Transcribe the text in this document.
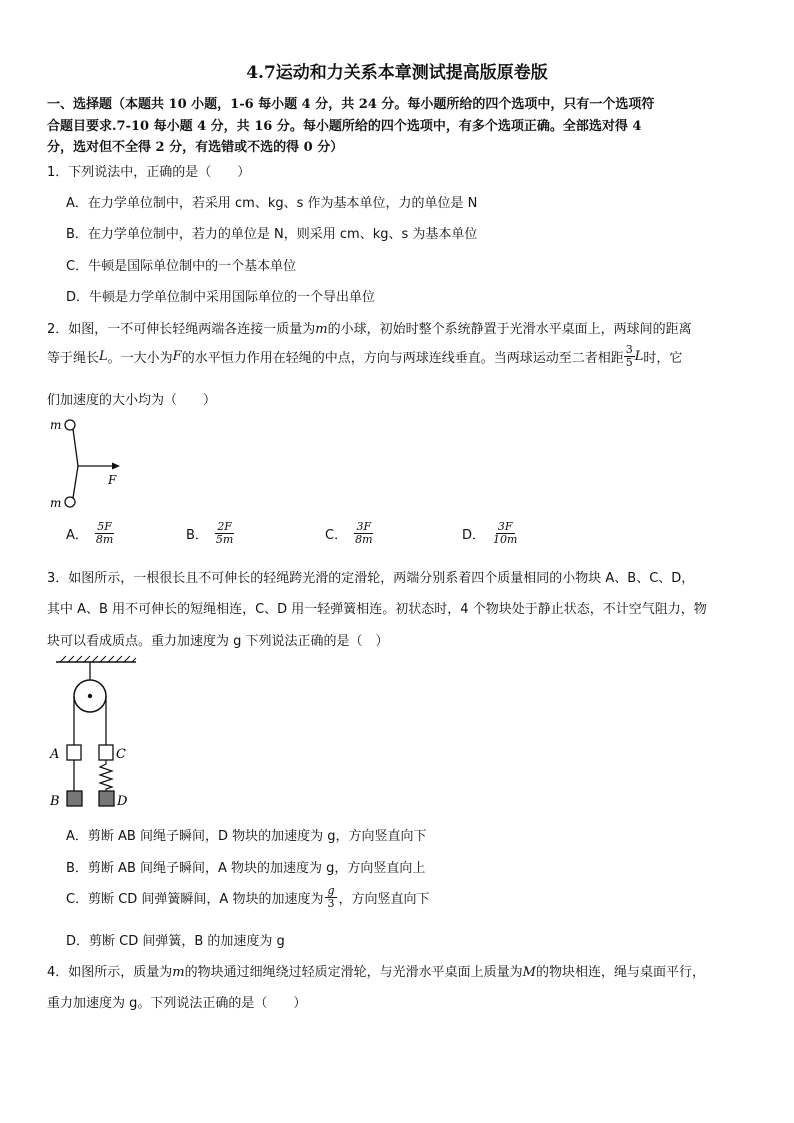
4.7运动和力关系本章测试提高版原卷版
一、选择题（本题共 10 小题，1-6 每小题 4 分，共 24 分。每小题所给的四个选项中，只有一个选项符
合题目要求.7-10 每小题 4 分，共 16 分。每小题所给的四个选项中，有多个选项正确。全部选对得 4
分，选对但不全得 2 分，有选错或不选的得 0 分）
1．下列说法中，正确的是（　　）
A．在力学单位制中，若采用 cm、kg、s 作为基本单位，力的单位是 N
B．在力学单位制中，若力的单位是 N，则采用 cm、kg、s 为基本单位
C．牛顿是国际单位制中的一个基本单位
D．牛顿是力学单位制中采用国际单位的一个导出单位
2．如图，一不可伸长轻绳两端各连接一质量为m的小球，初始时整个系统静置于光滑水平桌面上，两球间的距离
等于绳长 L 。一大小为 F 的水平恒力作用在轻绳的中点，方向与两球连线垂直。当两球运动至二者相距 $\frac{3}{5}$ L 时，它
们加速度的大小均为（　　）
m
m
F
A． $\frac{5F}{8m}$	B． $\frac{2F}{5m}$	C． $\frac{3F}{8m}$	D． $\frac{3F}{10m}$
3．如图所示，一根很长且不可伸长的轻绳跨光滑的定滑轮，两端分别系着四个质量相同的小物块 A、B、C、D，
其中 A、B 用不可伸长的短绳相连，C、D 用一轻弹簧相连。初状态时，4 个物块处于静止状态，不计空气阻力，物
块可以看成质点。重力加速度为 g 下列说法正确的是（　）
A	C
B	D
A．剪断 AB 间绳子瞬间，D 物块的加速度为 g，方向竖直向下
B．剪断 AB 间绳子瞬间，A 物块的加速度为 g，方向竖直向上
C．剪断 CD 间弹簧瞬间，A 物块的加速度为 $\frac{g}{3}$ ，方向竖直向下
D．剪断 CD 间弹簧，B 的加速度为 g
4．如图所示，质量为m的物块通过细绳绕过轻质定滑轮，与光滑水平桌面上质量为M的物块相连，绳与桌面平行，
重力加速度为 g。下列说法正确的是（　　）
